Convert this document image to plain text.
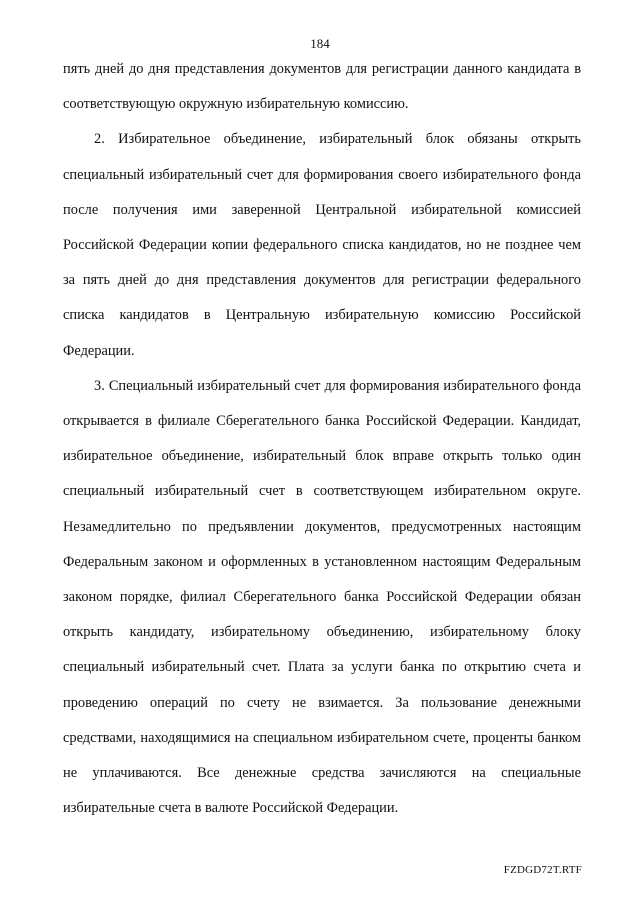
184

пять дней до дня представления документов для регистрации данного кандидата в соответствующую окружную избирательную комиссию.

2. Избирательное объединение, избирательный блок обязаны открыть специальный избирательный счет для формирования своего избирательного фонда после получения ими заверенной Центральной избирательной комиссией Российской Федерации копии федерального списка кандидатов, но не позднее чем за пять дней до дня представления документов для регистрации федерального списка кандидатов в Центральную избирательную комиссию Российской Федерации.

3. Специальный избирательный счет для формирования избирательного фонда открывается в филиале Сберегательного банка Российской Федерации. Кандидат, избирательное объединение, избирательный блок вправе открыть только один специальный избирательный счет в соответствующем избирательном округе. Незамедлительно по предъявлении документов, предусмотренных настоящим Федеральным законом и оформленных в установленном настоящим Федеральным законом порядке, филиал Сберегательного банка Российской Федерации обязан открыть кандидату, избирательному объединению, избирательному блоку специальный избирательный счет. Плата за услуги банка по открытию счета и проведению операций по счету не взимается. За пользование денежными средствами, находящимися на специальном избирательном счете, проценты банком не уплачиваются. Все денежные средства зачисляются на специальные избирательные счета в валюте Российской Федерации.

FZDGD72T.RTF
